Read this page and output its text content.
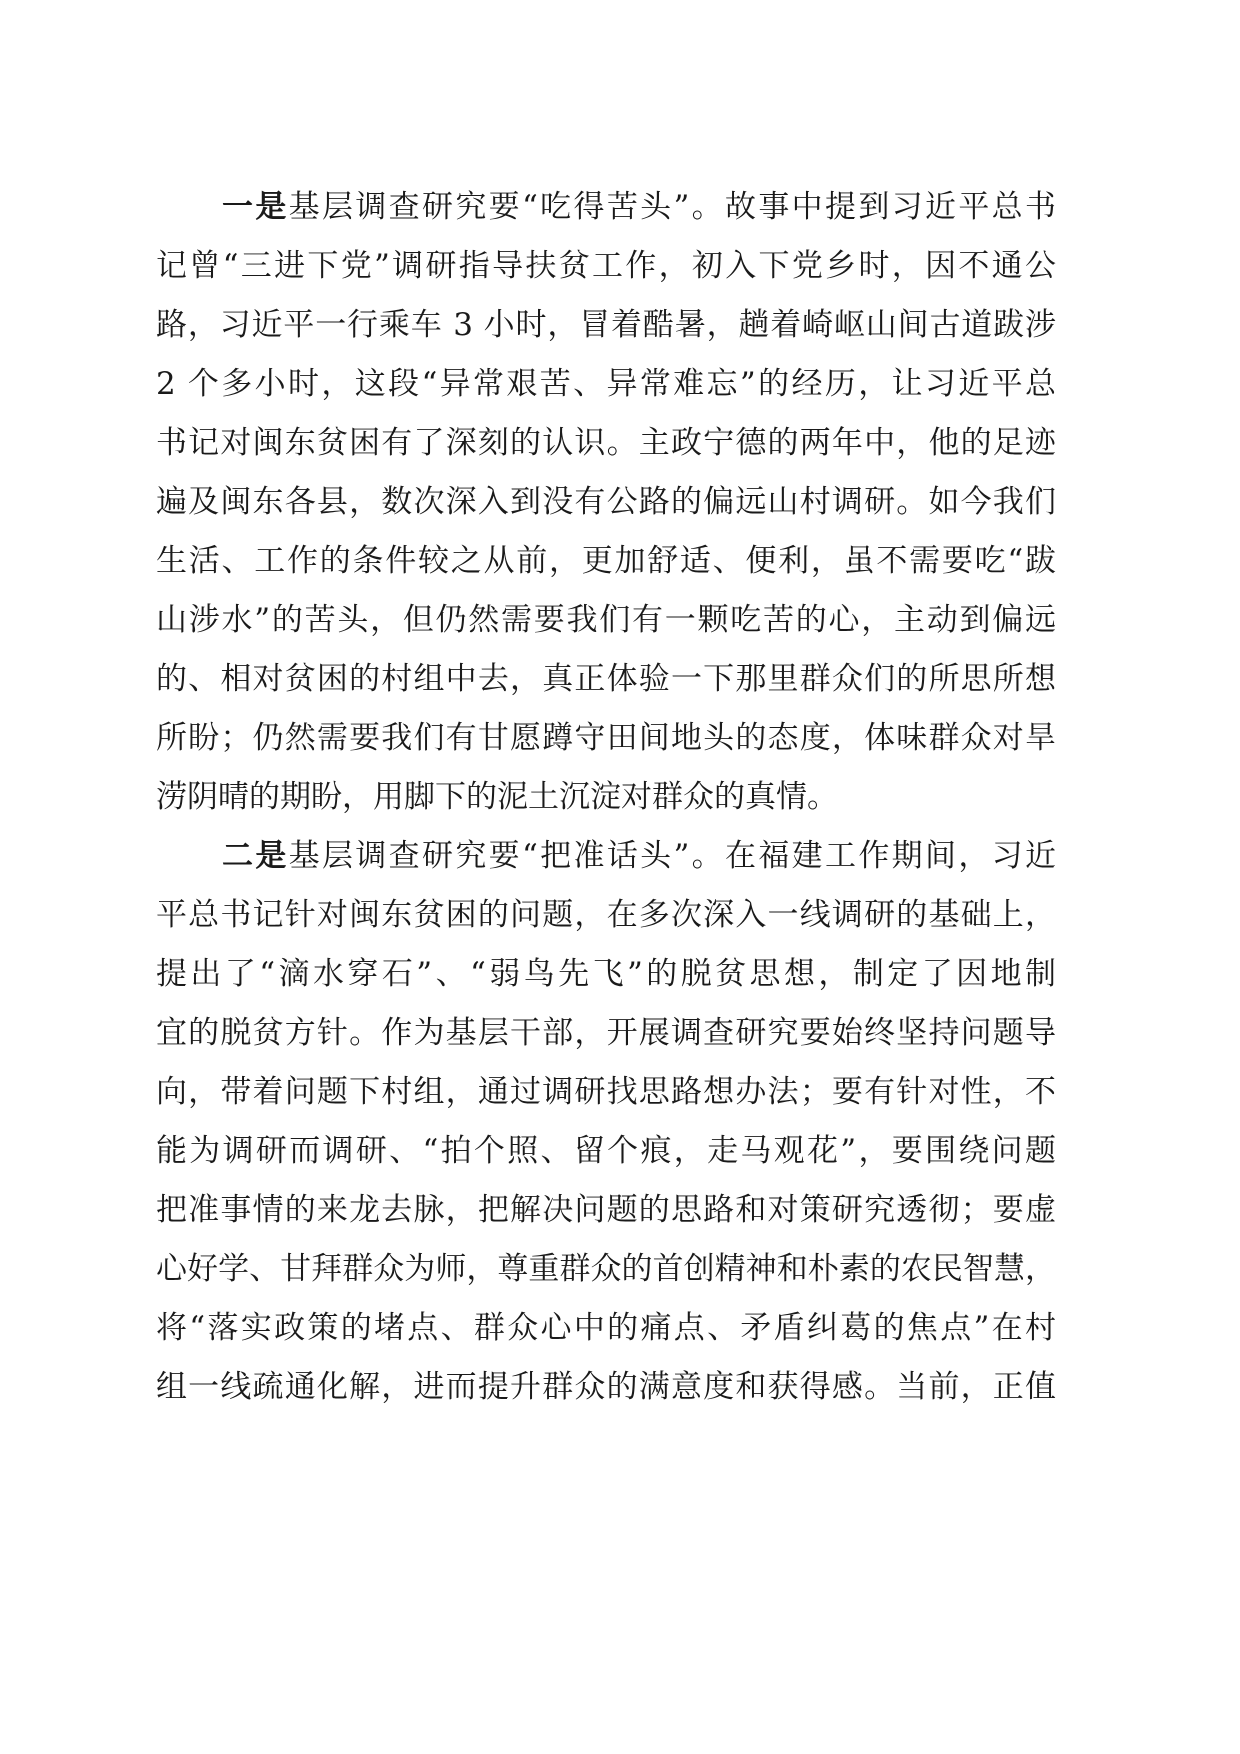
一是基层调查研究要“吃得苦头”。故事中提到习近平总书
记曾“三进下党”调研指导扶贫工作，初入下党乡时，因不通公
路，习近平一行乘车 3 小时，冒着酷暑，趟着崎岖山间古道跋涉
2 个多小时，这段“异常艰苦、异常难忘”的经历，让习近平总
书记对闽东贫困有了深刻的认识。主政宁德的两年中，他的足迹
遍及闽东各县，数次深入到没有公路的偏远山村调研。如今我们
生活、工作的条件较之从前，更加舒适、便利，虽不需要吃“跋
山涉水”的苦头，但仍然需要我们有一颗吃苦的心，主动到偏远
的、相对贫困的村组中去，真正体验一下那里群众们的所思所想
所盼；仍然需要我们有甘愿蹲守田间地头的态度，体味群众对旱
涝阴晴的期盼，用脚下的泥土沉淀对群众的真情。
二是基层调查研究要“把准话头”。在福建工作期间，习近
平总书记针对闽东贫困的问题，在多次深入一线调研的基础上，
提出了“滴水穿石”、“弱鸟先飞”的脱贫思想，制定了因地制
宜的脱贫方针。作为基层干部，开展调查研究要始终坚持问题导
向，带着问题下村组，通过调研找思路想办法；要有针对性，不
能为调研而调研、“拍个照、留个痕，走马观花”，要围绕问题
把准事情的来龙去脉，把解决问题的思路和对策研究透彻；要虚
心好学、甘拜群众为师，尊重群众的首创精神和朴素的农民智慧，
将“落实政策的堵点、群众心中的痛点、矛盾纠葛的焦点”在村
组一线疏通化解，进而提升群众的满意度和获得感。当前，正值
